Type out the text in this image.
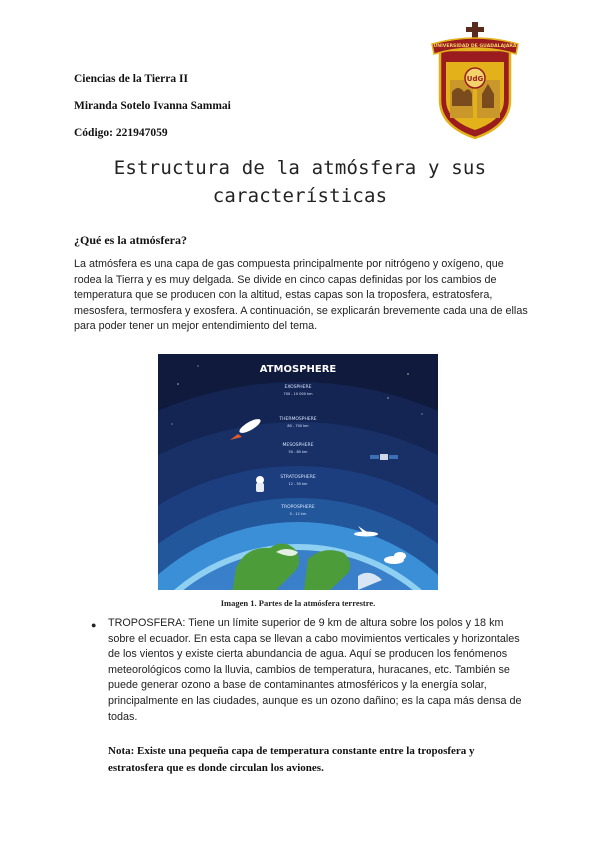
Ciencias de la Tierra II
Miranda Sotelo Ivanna Sammai
Código: 221947059
UdG
UNIVERSIDAD DE GUADALAJARA
Estructura de la atmósfera y sus características
¿Qué es la atmósfera?

La atmósfera es una capa de gas compuesta principalmente por nitrógeno y oxígeno, que rodea la Tierra y es muy delgada. Se divide en cinco capas definidas por los cambios de temperatura que se producen con la altitud, estas capas son la troposfera, estratosfera, mesosfera, termosfera y exosfera. A continuación, se explicarán brevemente cada una de ellas para poder tener un mejor entendimiento del tema.

ATMOSPHERE
EXOSPHERE
700 - 10 000 km
THERMOSPHERE
80 - 700 km
MESOSPHERE
50 - 80 km
STRATOSPHERE
12 - 50 km
TROPOSPHERE
0 - 12 km
Imagen 1. Partes de la atmósfera terrestre.
● TROPOSFERA: Tiene un límite superior de 9 km de altura sobre los polos y 18 km sobre el ecuador. En esta capa se llevan a cabo movimientos verticales y horizontales de los vientos y existe cierta abundancia de agua. Aquí se producen los fenómenos meteorológicos como la lluvia, cambios de temperatura, huracanes, etc. También se puede generar ozono a base de contaminantes atmosféricos y la energía solar, principalmente en las ciudades, aunque es un ozono dañino; es la capa más densa de todas.

Nota: Existe una pequeña capa de temperatura constante entre la troposfera y estratosfera que es donde circulan los aviones.
